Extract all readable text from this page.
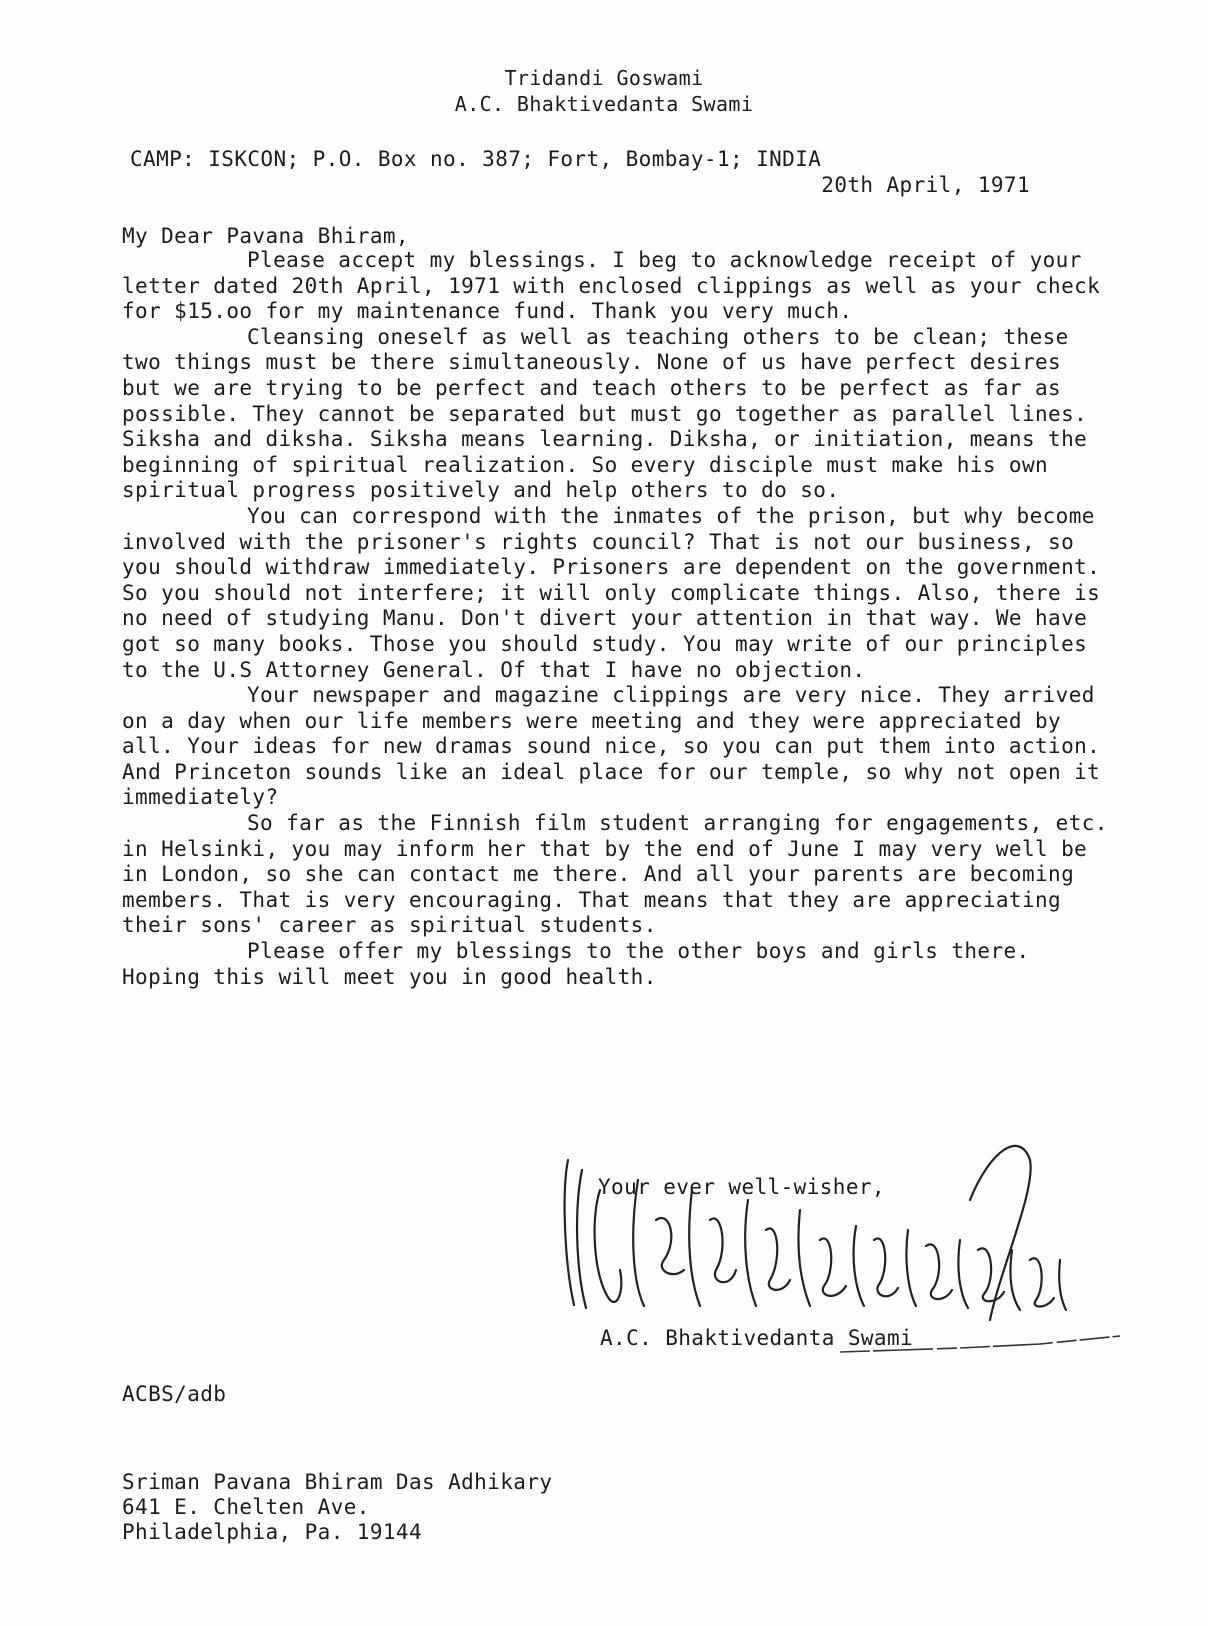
Tridandi Goswami
A.C. Bhaktivedanta Swami
CAMP: ISKCON; P.O. Box no. 387; Fort, Bombay-1; INDIA
20th April, 1971
My Dear Pavana Bhiram,

Please accept my blessings. I beg to acknowledge receipt of your letter dated 20th April, 1971 with enclosed clippings as well as your check for $15.oo for my maintenance fund. Thank you very much.

Cleansing oneself as well as teaching others to be clean; these two things must be there simultaneously. None of us have perfect desires but we are trying to be perfect and teach others to be perfect as far as possible. They cannot be separated but must go together as parallel lines. Siksha and diksha. Siksha means learning. Diksha, or initiation, means the beginning of spiritual realization. So every disciple must make his own spiritual progress positively and help others to do so.

You can correspond with the inmates of the prison, but why become involved with the prisoner's rights council? That is not our business, so you should withdraw immediately. Prisoners are dependent on the government. So you should not interfere; it will only complicate things. Also, there is no need of studying Manu. Don't divert your attention in that way. We have got so many books. Those you should study. You may write of our principles to the U.S Attorney General. Of that I have no objection.

Your newspaper and magazine clippings are very nice. They arrived on a day when our life members were meeting and they were appreciated by all. Your ideas for new dramas sound nice, so you can put them into action. And Princeton sounds like an ideal place for our temple, so why not open it immediately?

So far as the Finnish film student arranging for engagements, etc. in Helsinki, you may inform her that by the end of June I may very well be in London, so she can contact me there. And all your parents are becoming members. That is very encouraging. That means that they are appreciating their sons' career as spiritual students.

Please offer my blessings to the other boys and girls there. Hoping this will meet you in good health.

Your ever well-wisher,
A.C. Bhaktivedanta Swami
ACBS/adb
Sriman Pavana Bhiram Das Adhikary
641 E. Chelten Ave.
Philadelphia, Pa. 19144
